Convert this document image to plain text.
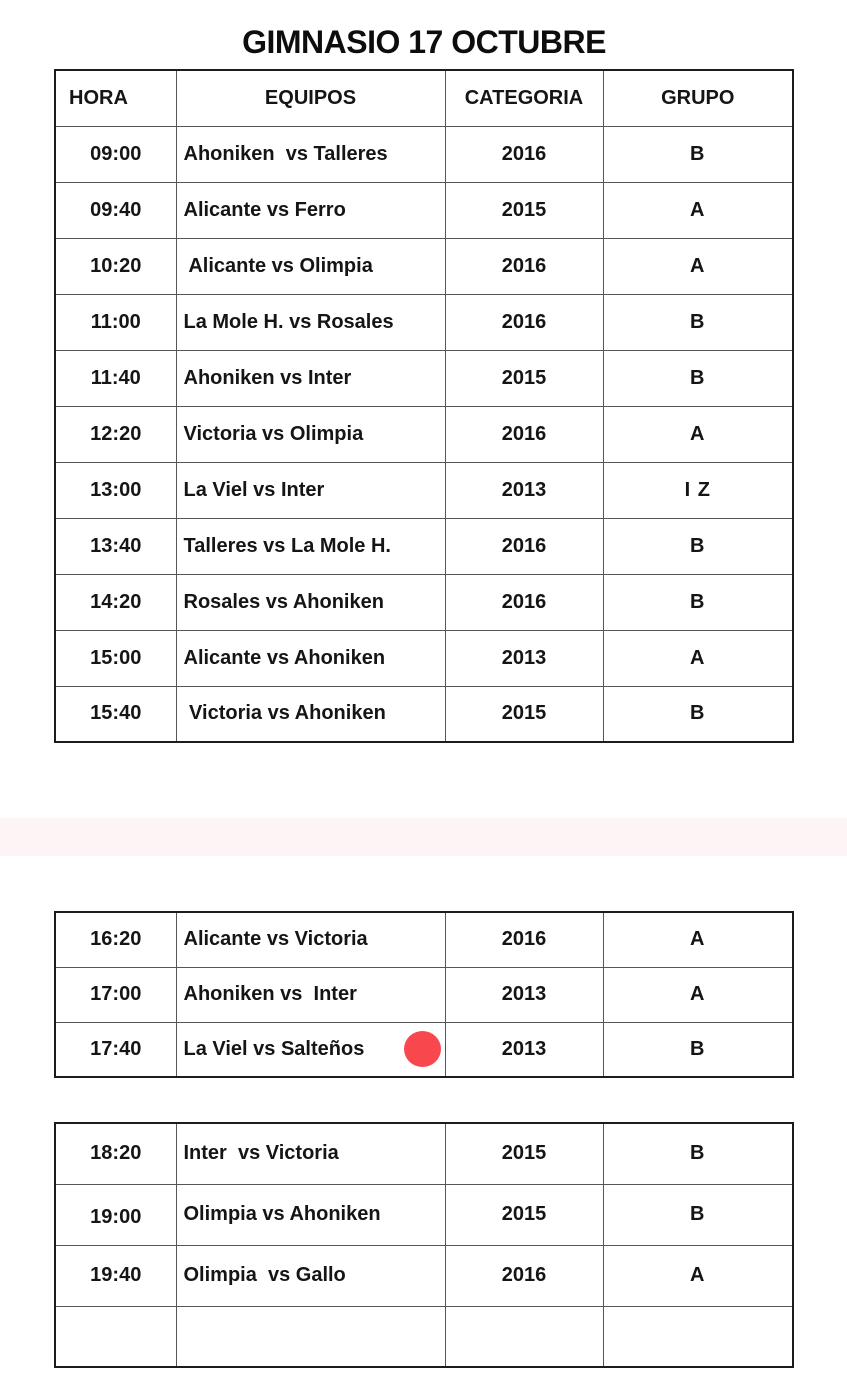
GIMNASIO 17 OCTUBRE
HORA	EQUIPOS	CATEGORIA	GRUPO
09:00	Ahoniken  vs Talleres	2016	B
09:40	Alicante vs Ferro	2015	A
10:20	Alicante vs Olimpia	2016	A
11:00	La Mole H. vs Rosales	2016	B
11:40	Ahoniken vs Inter	2015	B
12:20	Victoria vs Olimpia	2016	A
13:00	La Viel vs Inter	2013	I Z
13:40	Talleres vs La Mole H.	2016	B
14:20	Rosales vs Ahoniken	2016	B
15:00	Alicante vs Ahoniken	2013	A
15:40	Victoria vs Ahoniken	2015	B
16:20	Alicante vs Victoria	2016	A
17:00	Ahoniken vs  Inter	2013	A
17:40	La Viel vs Salteños	2013	B
18:20	Inter  vs Victoria	2015	B
19:00	Olimpia vs Ahoniken	2015	B
19:40	Olimpia  vs Gallo	2016	A
